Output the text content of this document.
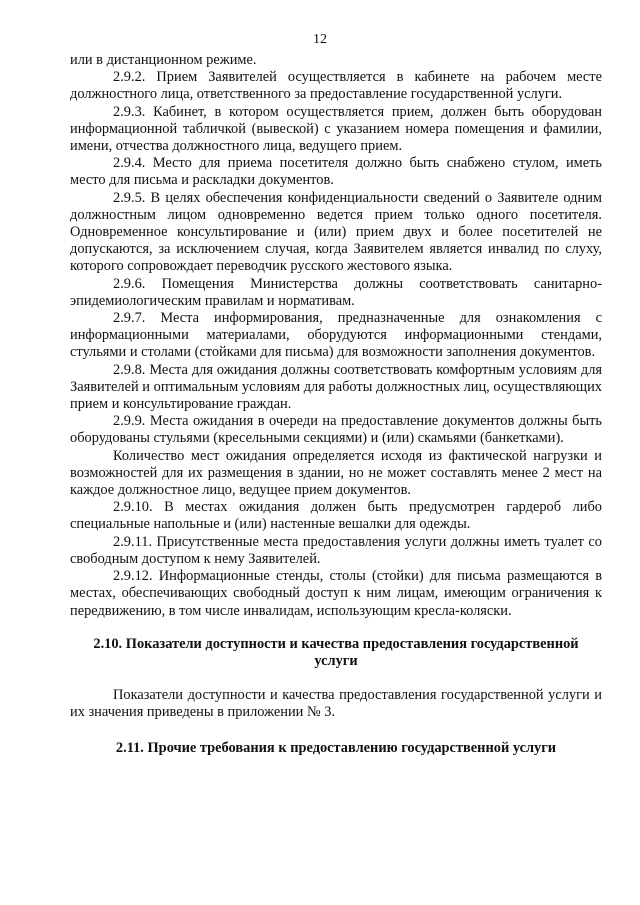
12

или в дистанционном режиме.

2.9.2. Прием Заявителей осуществляется в кабинете на рабочем месте должностного лица, ответственного за предоставление государственной услуги.

2.9.3. Кабинет, в котором осуществляется прием, должен быть оборудован информационной табличкой (вывеской) с указанием номера помещения и фамилии, имени, отчества должностного лица, ведущего прием.

2.9.4. Место для приема посетителя должно быть снабжено стулом, иметь место для письма и раскладки документов.

2.9.5. В целях обеспечения конфиденциальности сведений о Заявителе одним должностным лицом одновременно ведется прием только одного посетителя. Одновременное консультирование и (или) прием двух и более посетителей не допускаются, за исключением случая, когда Заявителем является инвалид по слуху, которого сопровождает переводчик русского жестового языка.

2.9.6. Помещения Министерства должны соответствовать санитарно-эпидемиологическим правилам и нормативам.

2.9.7. Места информирования, предназначенные для ознакомления с информационными материалами, оборудуются информационными стендами, стульями и столами (стойками для письма) для возможности заполнения документов.

2.9.8. Места для ожидания должны соответствовать комфортным условиям для Заявителей и оптимальным условиям для работы должностных лиц, осуществляющих прием и консультирование граждан.

2.9.9. Места ожидания в очереди на предоставление документов должны быть оборудованы стульями (кресельными секциями) и (или) скамьями (банкетками).

Количество мест ожидания определяется исходя из фактической нагрузки и возможностей для их размещения в здании, но не может составлять менее 2 мест на каждое должностное лицо, ведущее прием документов.

2.9.10. В местах ожидания должен быть предусмотрен гардероб либо специальные напольные и (или) настенные вешалки для одежды.

2.9.11. Присутственные места предоставления услуги должны иметь туалет со свободным доступом к нему Заявителей.

2.9.12. Информационные стенды, столы (стойки) для письма размещаются в местах, обеспечивающих свободный доступ к ним лицам, имеющим ограничения к передвижению, в том числе инвалидам, использующим кресла-коляски.

2.10. Показатели доступности и качества предоставления государственной услуги

Показатели доступности и качества предоставления государственной услуги и их значения приведены в приложении № 3.

2.11. Прочие требования к предоставлению государственной услуги
